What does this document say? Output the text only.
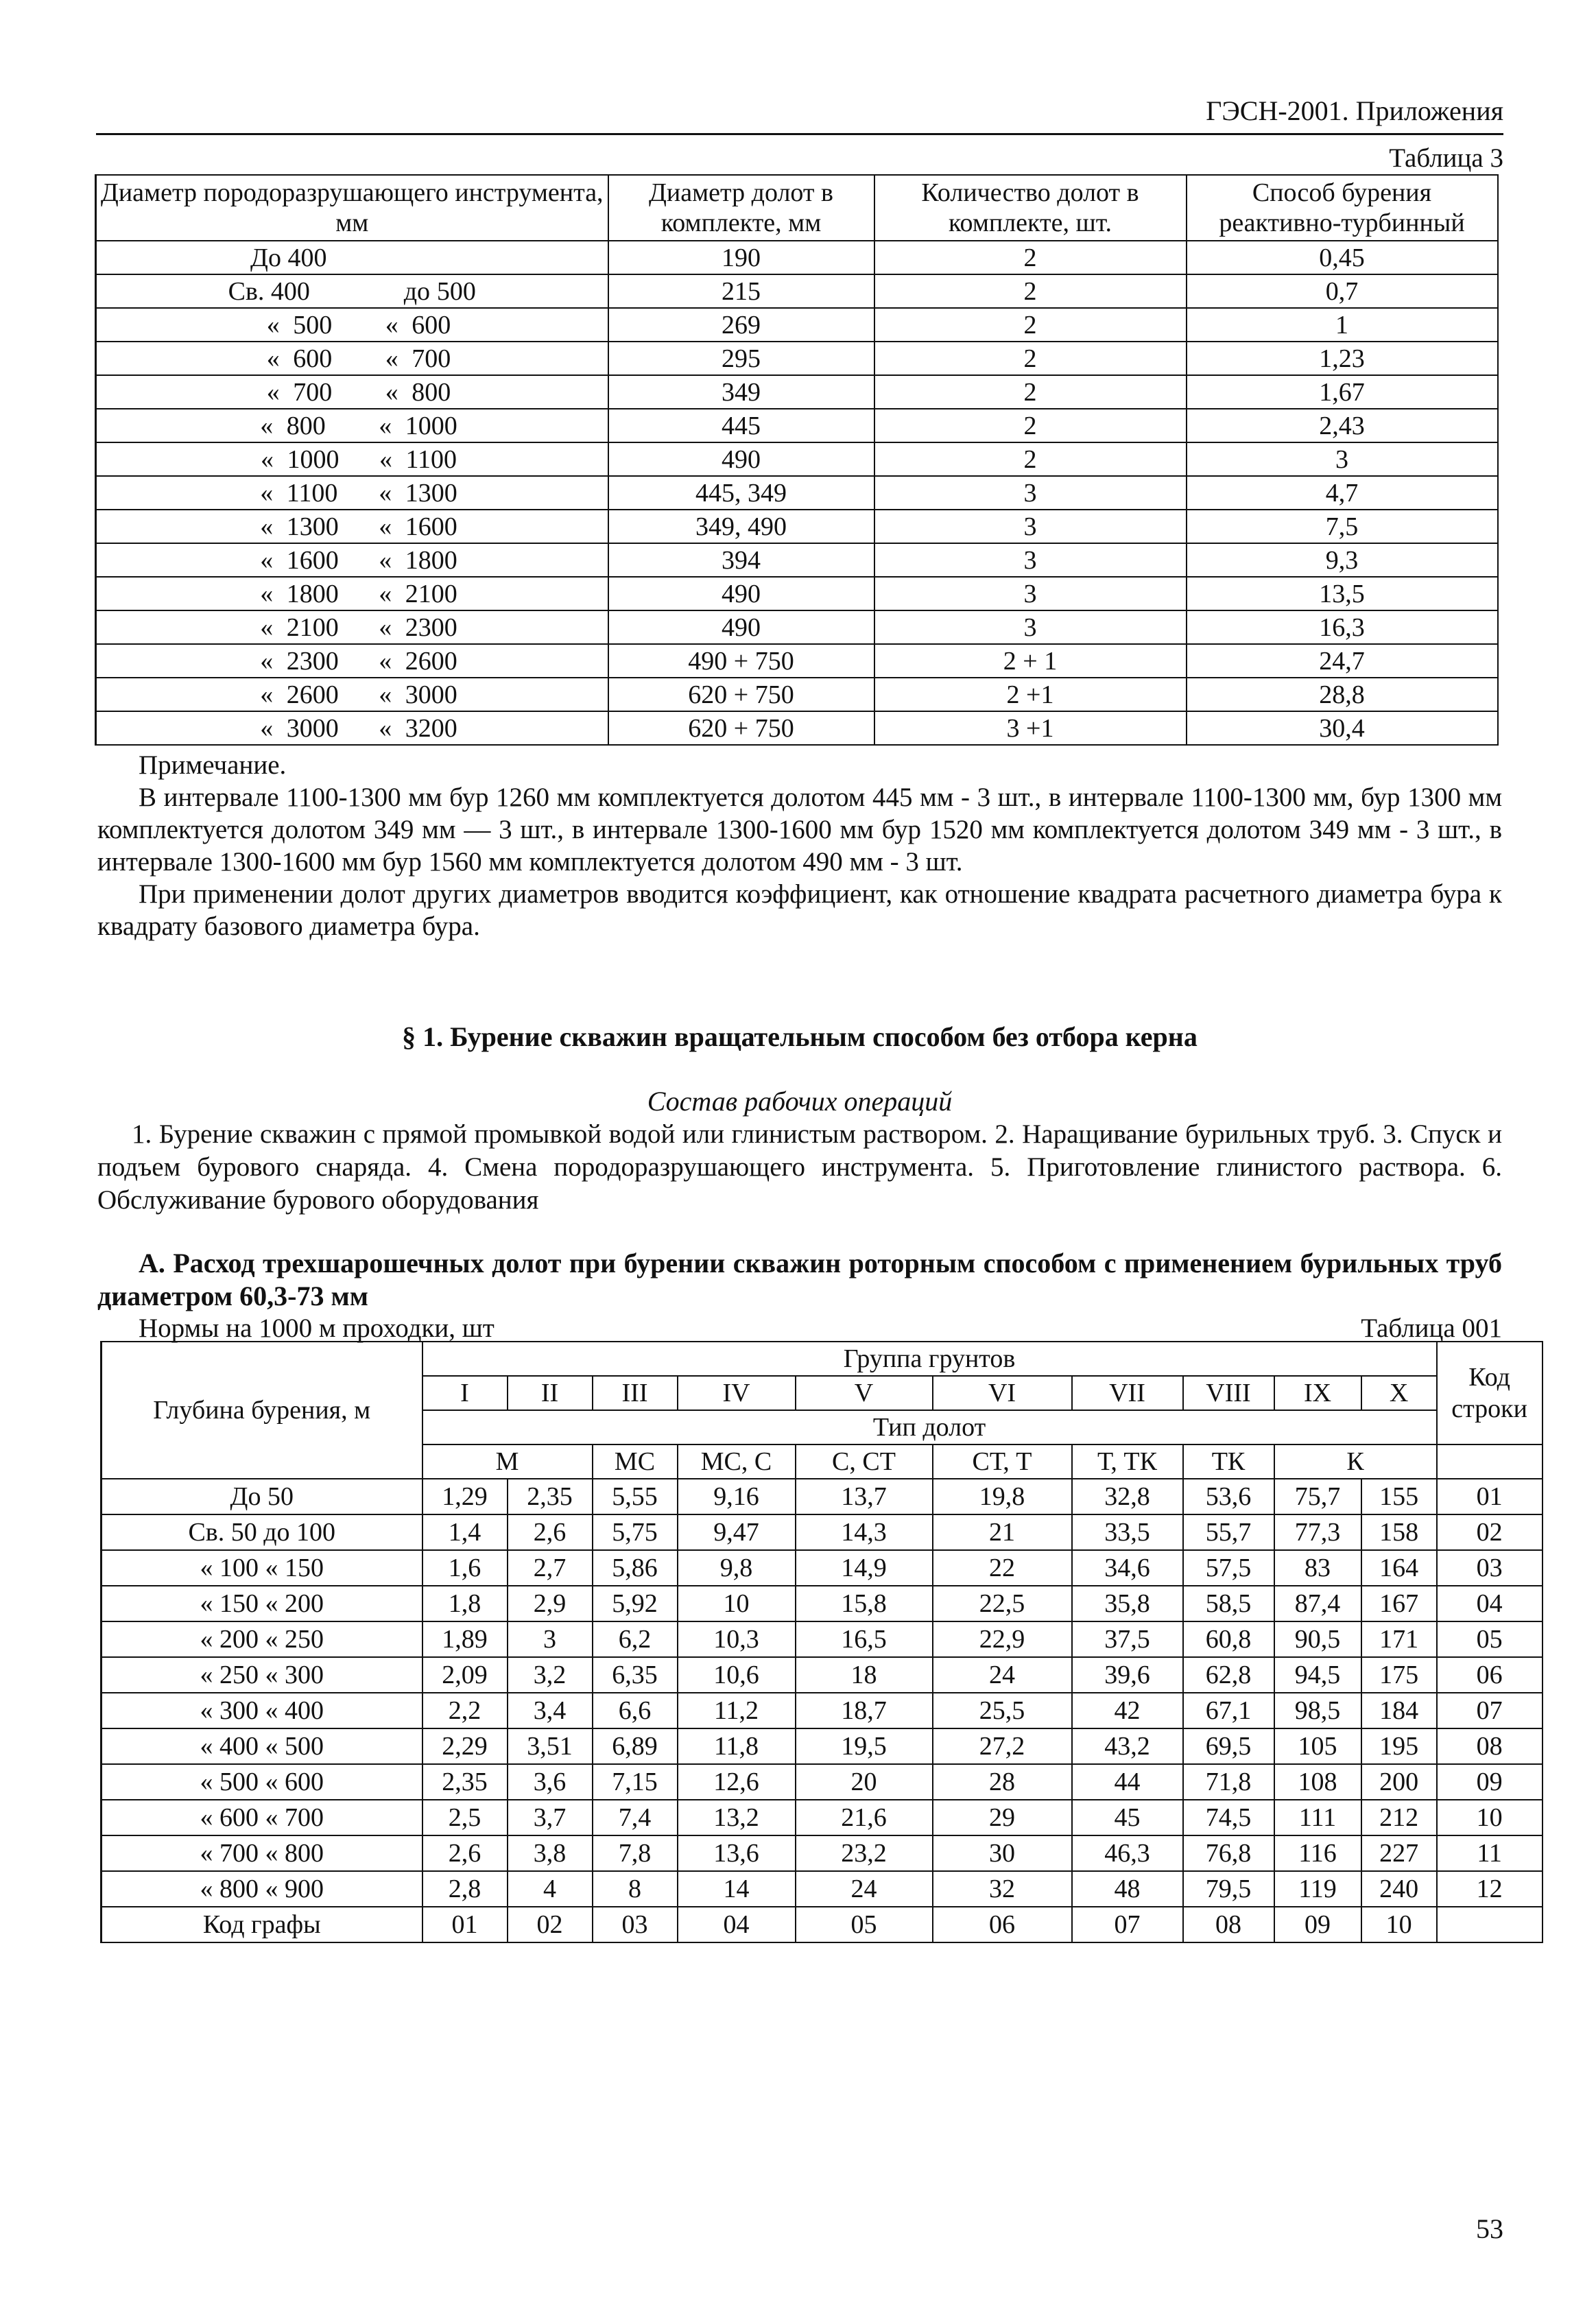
ГЭСН-2001. Приложения
Таблица 3
Диаметр породоразрушающего инструмента, мм	Диаметр долот в комплекте, мм	Количество долот в комплекте, шт.	Способ бурения реактивно-турбинный
До 400	190	2	0,45
Св. 400 до 500	215	2	0,7
« 500 « 600	269	2	1
« 600 « 700	295	2	1,23
« 700 « 800	349	2	1,67
« 800 « 1000	445	2	2,43
« 1000 « 1100	490	2	3
« 1100 « 1300	445, 349	3	4,7
« 1300 « 1600	349, 490	3	7,5
« 1600 « 1800	394	3	9,3
« 1800 « 2100	490	3	13,5
« 2100 « 2300	490	3	16,3
« 2300 « 2600	490 + 750	2 + 1	24,7
« 2600 « 3000	620 + 750	2 +1	28,8
« 3000 « 3200	620 + 750	3 +1	30,4

Примечание.

В интервале 1100-1300 мм бур 1260 мм комплектуется долотом 445 мм - 3 шт., в интервале 1100-1300 мм, бур 1300 мм комплектуется долотом 349 мм — 3 шт., в интервале 1300-1600 мм бур 1520 мм комплектуется долотом 349 мм - 3 шт., в интервале 1300-1600 мм бур 1560 мм комплектуется долотом 490 мм - 3 шт.

При применении долот других диаметров вводится коэффициент, как отношение квадрата расчетного диаметра бура к квадрату базового диаметра бура.

§ 1. Бурение скважин вращательным способом без отбора керна
Состав рабочих операций

1. Бурение скважин с прямой промывкой водой или глинистым раствором. 2. Наращивание бурильных труб. 3. Спуск и подъем бурового снаряда. 4. Смена породоразрушающего инструмента. 5. Приготовление глинистого раствора. 6. Обслуживание бурового оборудования

А. Расход трехшарошечных долот при бурении скважин роторным способом с применением бурильных труб диаметром 60,3-73 мм

Нормы на 1000 м проходки, шт	Таблица 001
Глубина бурения, м	Группа грунтов										Код строки
	I	II	III	IV	V	VI	VII	VIII	IX	X	
	Тип долот										
	М		МС	МС, С	С, СТ	СТ, Т	Т, ТК	ТК	К		
До 50	1,29	2,35	5,55	9,16	13,7	19,8	32,8	53,6	75,7	155	01
Св. 50 до 100	1,4	2,6	5,75	9,47	14,3	21	33,5	55,7	77,3	158	02
« 100 « 150	1,6	2,7	5,86	9,8	14,9	22	34,6	57,5	83	164	03
« 150 « 200	1,8	2,9	5,92	10	15,8	22,5	35,8	58,5	87,4	167	04
« 200 « 250	1,89	3	6,2	10,3	16,5	22,9	37,5	60,8	90,5	171	05
« 250 « 300	2,09	3,2	6,35	10,6	18	24	39,6	62,8	94,5	175	06
« 300 « 400	2,2	3,4	6,6	11,2	18,7	25,5	42	67,1	98,5	184	07
« 400 « 500	2,29	3,51	6,89	11,8	19,5	27,2	43,2	69,5	105	195	08
« 500 « 600	2,35	3,6	7,15	12,6	20	28	44	71,8	108	200	09
« 600 « 700	2,5	3,7	7,4	13,2	21,6	29	45	74,5	111	212	10
« 700 « 800	2,6	3,8	7,8	13,6	23,2	30	46,3	76,8	116	227	11
« 800 « 900	2,8	4	8	14	24	32	48	79,5	119	240	12
Код графы	01	02	03	04	05	06	07	08	09	10	
53
